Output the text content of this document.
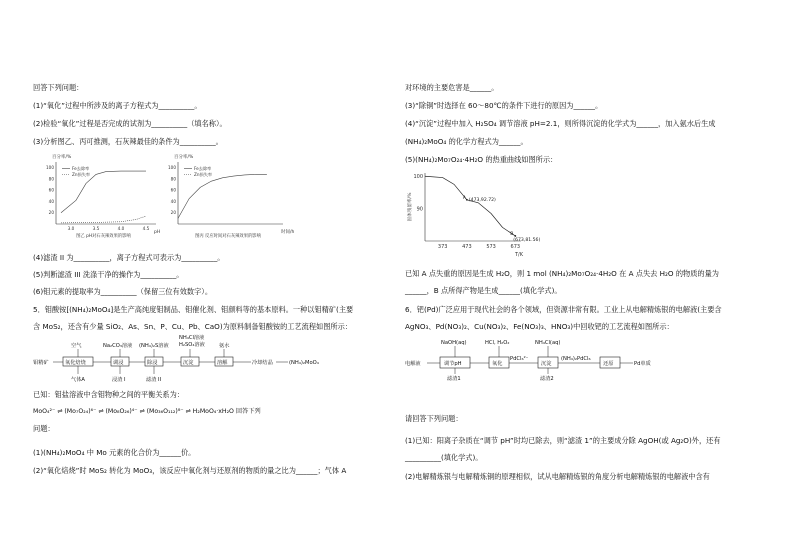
回答下列问题：
(1)“氧化”过程中所涉及的离子方程式为__________。
(2)检验“氧化”过程是否完成的试剂为__________（填名称）。
(3)分析图乙、丙可推测，石灰辣最佳的条件为__________。
百分率/%
pH
20
40
60
80
100
3.0	3.5	4.0	4.5
Fe去除率
Zn损失率
图乙 pH对石灰辣效果的影响
百分率/%
时间/h
20
40
60
80
100	Fe去除率
Zn损失率
图丙 反应时间对石灰辣效果的影响
(4)滤渣 II 为__________，离子方程式可表示为__________。
(5)判断滤渣 III 洗涤干净的操作为__________。
(6)钼元素的提取率为__________（保留三位有效数字）。
5．钼酸铵[(NH₄)₂MoO₄]是生产高纯度钼制品、钼催化剂、钼颜料等的基本原料。一种以钼精矿(主要
含 MoS₂，还含有少量 SiO₂、As、Sn、P、Cu、Pb、CaO)为原料制备钼酸铵的工艺流程如图所示：
钼精矿	氧化焙烧	调浸	除浸	沉淀	溶解	冷却结晶	(NH₄)₂MoO₄
空气	Na₂CO₃溶液 (NH₄)₂S溶液
NH₄Cl溶液
H₂SO₄溶液	氨水
气体A	浸渣 I	滤渣 II
已知：钼盐溶液中含钼物种之间的平衡关系为：
MoO₄²⁻ ⇌ (Mo₇O₂₄)⁶⁻ ⇌ (Mo₈O₂₆)⁴⁻ ⇌ (Mo₃₆O₁₁₂)⁸⁻ ⇌ H₂MoO₄·xH₂O 回答下列
问题：
(1)(NH₄)₂MoO₄ 中 Mo 元素的化合价为______价。
(2)“氧化焙烧”时 MoS₂ 转化为 MoO₃，该反应中氧化剂与还原剂的物质的量之比为______；气体 A
对环境的主要危害是______。
(3)“除铜”时选择在 60～80℃的条件下进行的原因为______。
(4)“沉淀”过程中加入 H₂SO₄ 调节溶液 pH=2.1，则所得沉淀的化学式为______，加入氨水后生成
(NH₄)₂MoO₄ 的化学方程式为______。
(5)(NH₄)₂Mo₇O₂₄·4H₂O 的热重曲线如图所示：
固体残留率/%
T/K
90
100
373	473	573	673
A (473,92.72)
B
(673,81.56)
已知 A 点失重的原因是生成 H₂O，则 1 mol (NH₄)₂Mo₇O₂₄·4H₂O 在 A 点失去 H₂O 的物质的量为
______，B 点所得产物是生成______(填化学式)。
6．钯(Pd)广泛应用于现代社会的各个领域，但资源非常有限。工业上从电解精炼银的电解液(主要含
AgNO₃、Pd(NO₃)₂、Cu(NO₃)₂、Fe(NO₃)₃、HNO₃)中回收钯的工艺流程如图所示：
电解液	调节pH	氧化
PdCl₆²⁻
沉淀
(NH₄)₂PdCl₆
还原	Pd单质
NaOH(aq)	HCl, H₂O₂	NH₄Cl(aq)
滤渣1	滤渣2
请回答下列问题：
(1)已知：阳离子杂质在“调节 pH”时均已除去，则“滤渣 1”的主要成分除 AgOH(或 Ag₂O)外，还有
__________(填化学式)。
(2)电解精炼银与电解精炼铜的原理相似，试从电解精炼银的角度分析电解精炼银的电解液中含有
